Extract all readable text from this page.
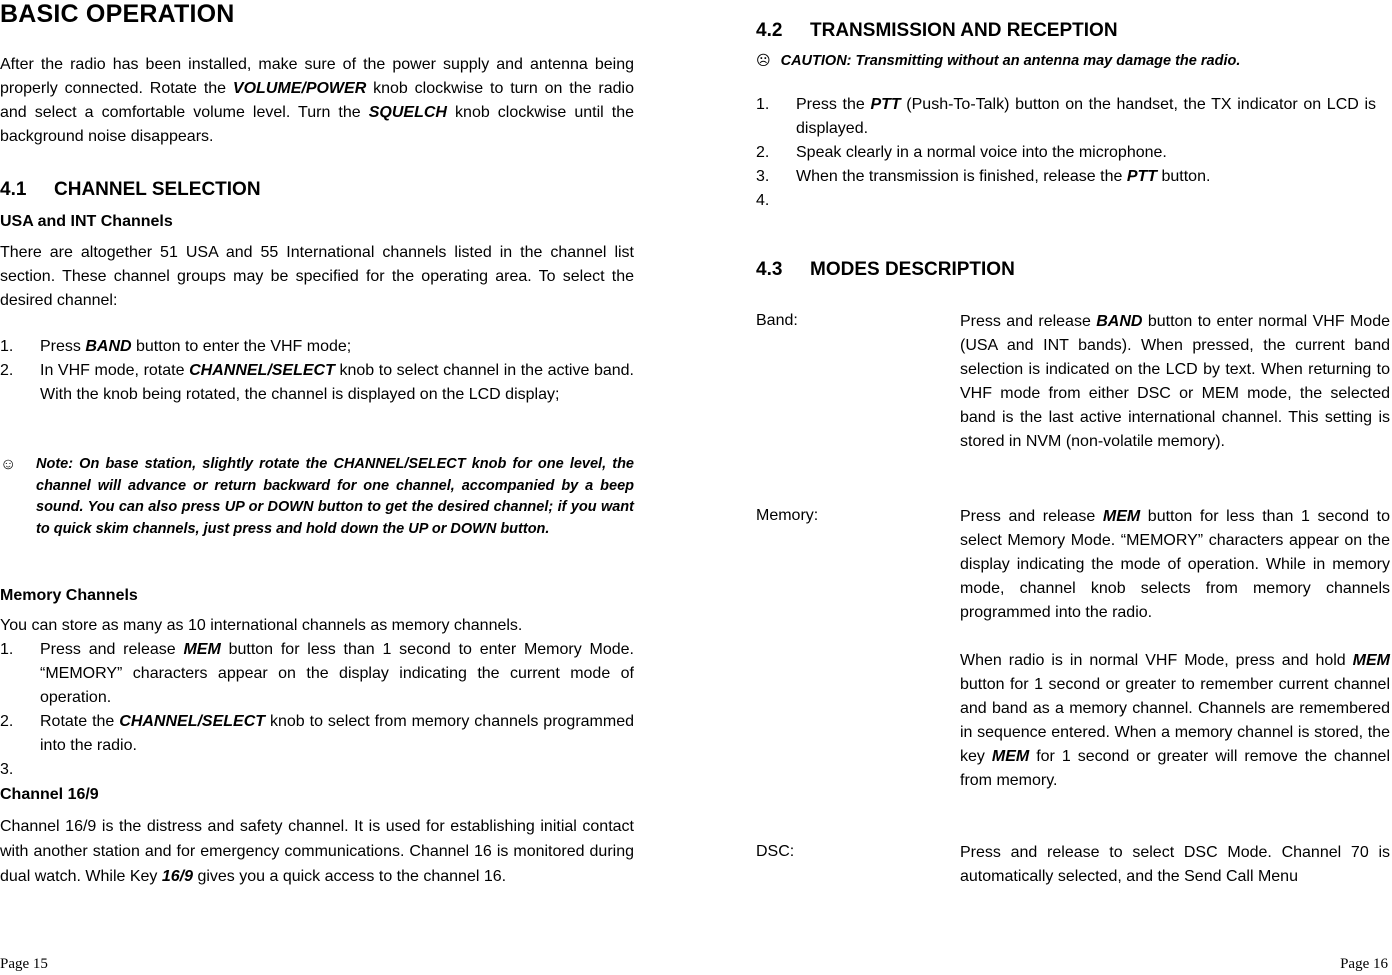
BASIC OPERATION

After the radio has been installed, make sure of the power supply and antenna being properly connected. Rotate the VOLUME/POWER knob clockwise to turn on the radio and select a comfortable volume level. Turn the SQUELCH knob clockwise until the background noise disappears.

4.1 CHANNEL SELECTION
USA and INT Channels

There are altogether 51 USA and 55 International channels listed in the channel list section. These channel groups may be specified for the operating area. To select the desired channel:

1. Press BAND button to enter the VHF mode;
2. In VHF mode, rotate CHANNEL/SELECT knob to select channel in the active band. With the knob being rotated, the channel is displayed on the LCD display;
☺	Note: On base station, slightly rotate the CHANNEL/SELECT knob for one level, the channel will advance or return backward for one channel, accompanied by a beep sound. You can also press UP or DOWN button to get the desired channel; if you want to quick skim channels, just press and hold down the UP or DOWN button.
Memory Channels

You can store as many as 10 international channels as memory channels.

1. Press and release MEM button for less than 1 second to enter Memory Mode. “MEMORY” characters appear on the display indicating the current mode of operation.
2. Rotate the CHANNEL/SELECT knob to select from memory channels programmed into the radio.
3.

Channel 16/9

Channel 16/9 is the distress and safety channel. It is used for establishing initial contact with another station and for emergency communications. Channel 16 is monitored during dual watch. While Key 16/9 gives you a quick access to the channel 16.

Page 15
4.2 TRANSMISSION AND RECEPTION
☹ CAUTION: Transmitting without an antenna may damage the radio.
1. Press the PTT (Push-To-Talk) button on the handset, the TX indicator on LCD is displayed.
2. Speak clearly in a normal voice into the microphone.
3. When the transmission is finished, release the PTT button.
4.

4.3 MODES DESCRIPTION
Band:	Press and release BAND button to enter normal VHF Mode (USA and INT bands). When pressed, the current band selection is indicated on the LCD by text. When returning to VHF mode from either DSC or MEM mode, the selected band is the last active international channel. This setting is stored in NVM (non-volatile memory).
Memory:	Press and release MEM button for less than 1 second to select Memory Mode. “MEMORY” characters appear on the display indicating the mode of operation. While in memory mode, channel knob selects from memory channels programmed into the radio.
When radio is in normal VHF Mode, press and hold MEM button for 1 second or greater to remember current channel and band as a memory channel. Channels are remembered in sequence entered. When a memory channel is stored, the key MEM for 1 second or greater will remove the channel from memory.
DSC:	Press and release to select DSC Mode. Channel 70 is automatically selected, and the Send Call Menu
Page 16
